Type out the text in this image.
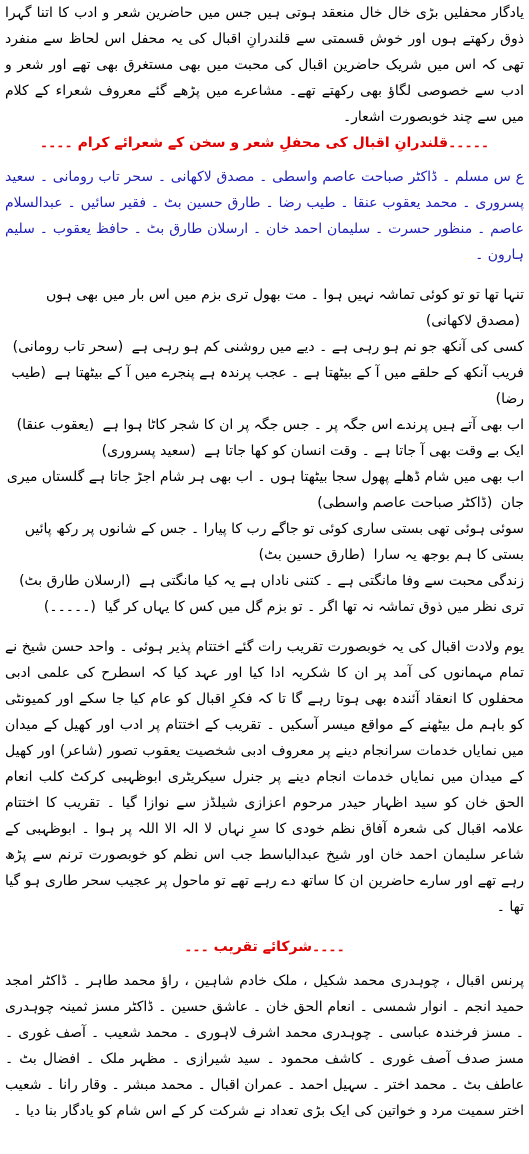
یادگار محفلیں بڑی خال خال منعقد ہوتی ہیں جس میں حاضرین شعر و ادب کا اتنا گہرا ذوق رکھتے ہوں اور خوش قسمتی سے قلندرانِ اقبال کی یہ محفل اس لحاظ سے منفرد تھی کہ اس میں شریک حاضرین اقبال کی محبت میں بھی مستغرق بھی تھے اور شعر و ادب سے خصوصی لگاؤ بھی رکھتے تھے۔ مشاعرے میں پڑھے گئے معروف شعراء کے کلام میں سے چند خوبصورت اشعار۔

۔۔۔۔۔قلندرانِ اقبال کی محفلِ شعر و سخن کے شعرائے کرام ۔۔۔۔

ع س مسلم ۔ ڈاکٹر صباحت عاصم واسطی ۔ مصدق لاکھانی ۔ سحر تاب رومانی ۔ سعید پسروری ۔ محمد یعقوب عنقا ۔ طیب رضا ۔ طارق حسین بٹ ۔ فقیر سائیں ۔ عبدالسلام عاصم ۔ منظور حسرت ۔ سلیمان احمد خان ۔ ارسلان طارق بٹ ۔ حافظ یعقوب ۔ سلیم ہارون ۔

تنہا تھا تو تو کوئی تماشہ نہیں ہوا ۔ مت بھول تری بزم میں اس بار میں بھی ہوں (مصدق لاکھانی)

کسی کی آنکھ جو نم ہو رہی ہے ۔ دیے میں روشنی کم ہو رہی ہے (سحر تاب رومانی)

فریب آنکھ کے حلقے میں آ کے بیٹھتا ہے ۔ عجب پرندہ ہے پنجرے میں آ کے بیٹھتا ہے (طیب رضا)

اب بھی آتے ہیں پرندے اس جگہ پر ۔ جس جگہ پر ان کا شجر کاٹا ہوا ہے (یعقوب عنقا)

ایک بے وقت بھی آ جاتا ہے ۔ وقت انسان کو کھا جاتا ہے (سعید پسروری)

اب بھی میں شام ڈھلے پھول سجا بیٹھتا ہوں ۔ اب بھی ہر شام اجڑ جاتا ہے گلستاں میری جان (ڈاکٹر صباحت عاصم واسطی)

سوئی ہوئی تھی بستی ساری کوئی تو جاگے رب کا پیارا ۔ جس کے شانوں پر رکھ پائیں بستی کا ہم بوجھ یہ سارا (طارق حسین بٹ)

زندگی محبت سے وفا مانگتی ہے ۔ کتنی ناداں ہے یہ کیا مانگتی ہے (ارسلان طارق بٹ)

تری نظر میں ذوق تماشہ نہ تھا اگر ۔ تو بزم گل میں کس کا یہاں کر گیا (۔۔۔۔۔)

یوم ولادت اقبال کی یہ خوبصورت تقریب رات گئے اختتام پذیر ہوئی ۔ واحد حسن شیخ نے تمام مہمانوں کی آمد پر ان کا شکریہ ادا کیا اور عہد کیا کہ اسطرح کی علمی ادبی محفلوں کا انعقاد آئندہ بھی ہوتا رہے گا تا کہ فکرِ اقبال کو عام کیا جا سکے اور کمیونٹی کو باہم مل بیٹھنے کے مواقع میسر آسکیں ۔ تقریب کے اختتام پر ادب اور کھیل کے میدان میں نمایاں خدمات سرانجام دینے پر معروف ادبی شخصیت یعقوب تصور (شاعر) اور کھیل کے میدان میں نمایاں خدمات انجام دینے پر جنرل سیکریٹری ابوظہبی کرکٹ کلب انعام الحق خان کو سید اظہار حیدر مرحوم اعزازی شیلڈز سے نوازا گیا ۔ تقریب کا اختتام علامہ اقبال کی شعرہ آفاق نظم خودی کا سرِ نہاں لا الہ الا اللہ پر ہوا ۔ ابوظہبی کے شاعر سلیمان احمد خان اور شیخ عبدالباسط جب اس نظم کو خوبصورت ترنم سے پڑھ رہے تھے اور سارے حاضرین ان کا ساتھ دے رہے تھے تو ماحول پر عجیب سحر طاری ہو گیا تھا ۔

۔۔۔۔شرکائے تقریب ۔۔۔

پرنس اقبال ، چوہدری محمد شکیل ، ملک خادم شاہین ، راؤ محمد طاہر ۔ ڈاکٹر امجد حمید انجم ۔ انوار شمسی ۔ انعام الحق خان ۔ عاشق حسین ۔ ڈاکٹر مسز ثمینہ چوہدری ۔ مسز فرخندہ عباسی ۔ چوہدری محمد اشرف لاہوری ۔ محمد شعیب ۔ آصف غوری ۔ مسز صدف آصف غوری ۔ کاشف محمود ۔ سید شیرازی ۔ مظہر ملک ۔ افضال بٹ ۔ عاطف بٹ ۔ محمد اختر ۔ سہیل احمد ۔ عمران اقبال ۔ محمد مبشر ۔ وقار رانا ۔ شعیب اختر سمیت مرد و خواتین کی ایک بڑی تعداد نے شرکت کر کے اس شام کو یادگار بنا دیا ۔
